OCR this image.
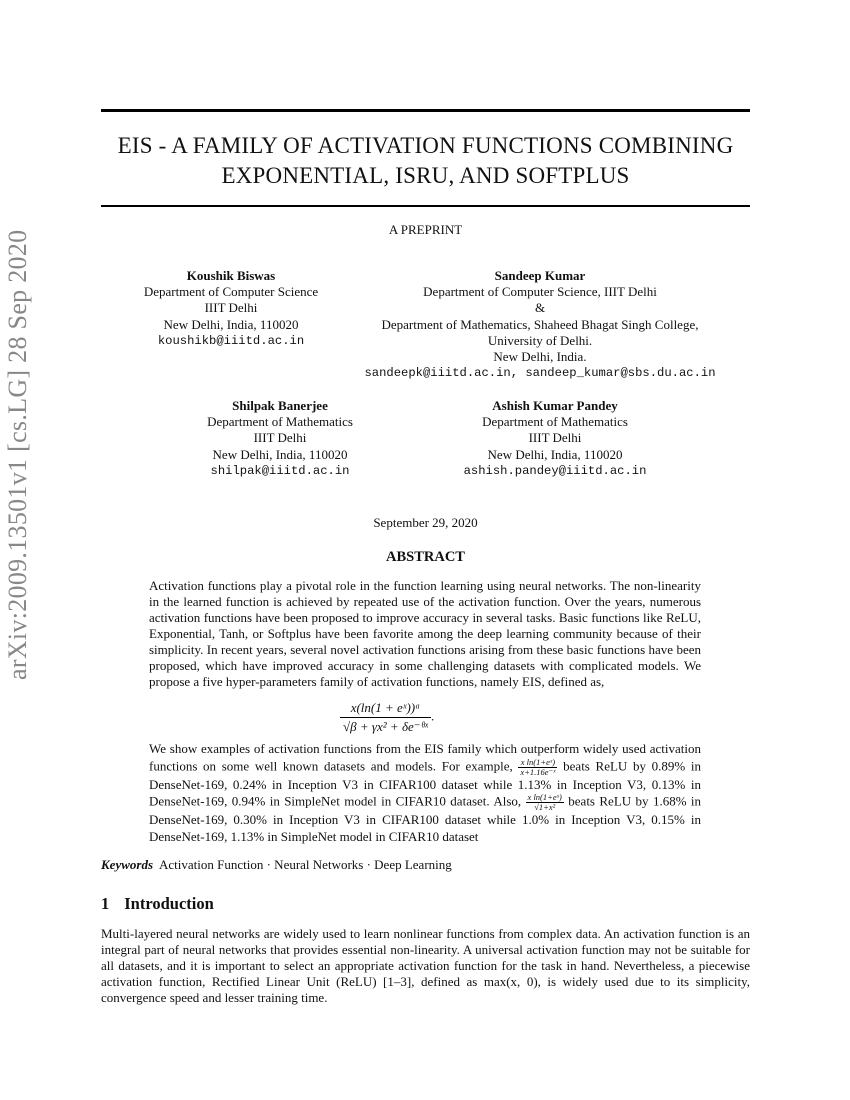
EIS - A FAMILY OF ACTIVATION FUNCTIONS COMBINING
EXPONENTIAL, ISRU, AND SOFTPLUS
A PREPRINT
arXiv:2009.13501v1 [cs.LG] 28 Sep 2020	Koushik Biswas
Department of Computer Science
IIIT Delhi
New Delhi, India, 110020
koushikb@iiitd.ac.in
Sandeep Kumar
Department of Computer Science, IIIT Delhi
&
Department of Mathematics, Shaheed Bhagat Singh College,
University of Delhi.
New Delhi, India.
sandeepk@iiitd.ac.in, sandeep_kumar@sbs.du.ac.in
Shilpak Banerjee
Department of Mathematics
IIIT Delhi
New Delhi, India, 110020
shilpak@iiitd.ac.in
Ashish Kumar Pandey
Department of Mathematics
IIIT Delhi
New Delhi, India, 110020
ashish.pandey@iiitd.ac.in
September 29, 2020
ABSTRACT
Activation functions play a pivotal role in the function learning using neural networks. The non-linearity in the learned function is achieved by repeated use of the activation function. Over the years, numerous activation functions have been proposed to improve accuracy in several tasks. Basic functions like ReLU, Exponential, Tanh, or Softplus have been favorite among the deep learning community because of their simplicity. In recent years, several novel activation functions arising from these basic functions have been proposed, which have improved accuracy in some challenging datasets with complicated models. We propose a five hyper-parameters family of activation functions, namely EIS, defined as,
$\frac{\text{x(ln(1 + eˣ))ᵅ}}{\text{√β + γx² + δe⁻ᶿˣ}}$ .
We show examples of activation functions from the EIS family which outperform widely used activation functions on some well known datasets and models. For example, $\frac{\text{x ln(1+eˣ)}}{\text{x+1.16e⁻ˣ}}$ beats ReLU by 0.89% in DenseNet-169, 0.24% in Inception V3 in CIFAR100 dataset while 1.13% in Inception V3, 0.13% in DenseNet-169, 0.94% in SimpleNet model in CIFAR10 dataset. Also, $\frac{\text{x ln(1+eˣ)}}{\text{√1+x²}}$ beats ReLU by 1.68% in DenseNet-169, 0.30% in Inception V3 in CIFAR100 dataset while 1.0% in Inception V3, 0.15% in DenseNet-169, 1.13% in SimpleNet model in CIFAR10 dataset
Keywords Activation Function · Neural Networks · Deep Learning
1 Introduction
Multi-layered neural networks are widely used to learn nonlinear functions from complex data. An activation function is an integral part of neural networks that provides essential non-linearity. A universal activation function may not be suitable for all datasets, and it is important to select an appropriate activation function for the task in hand. Nevertheless, a piecewise activation function, Rectified Linear Unit (ReLU) [1–3], defined as max(x, 0), is widely used due to its simplicity, convergence speed and lesser training time.
